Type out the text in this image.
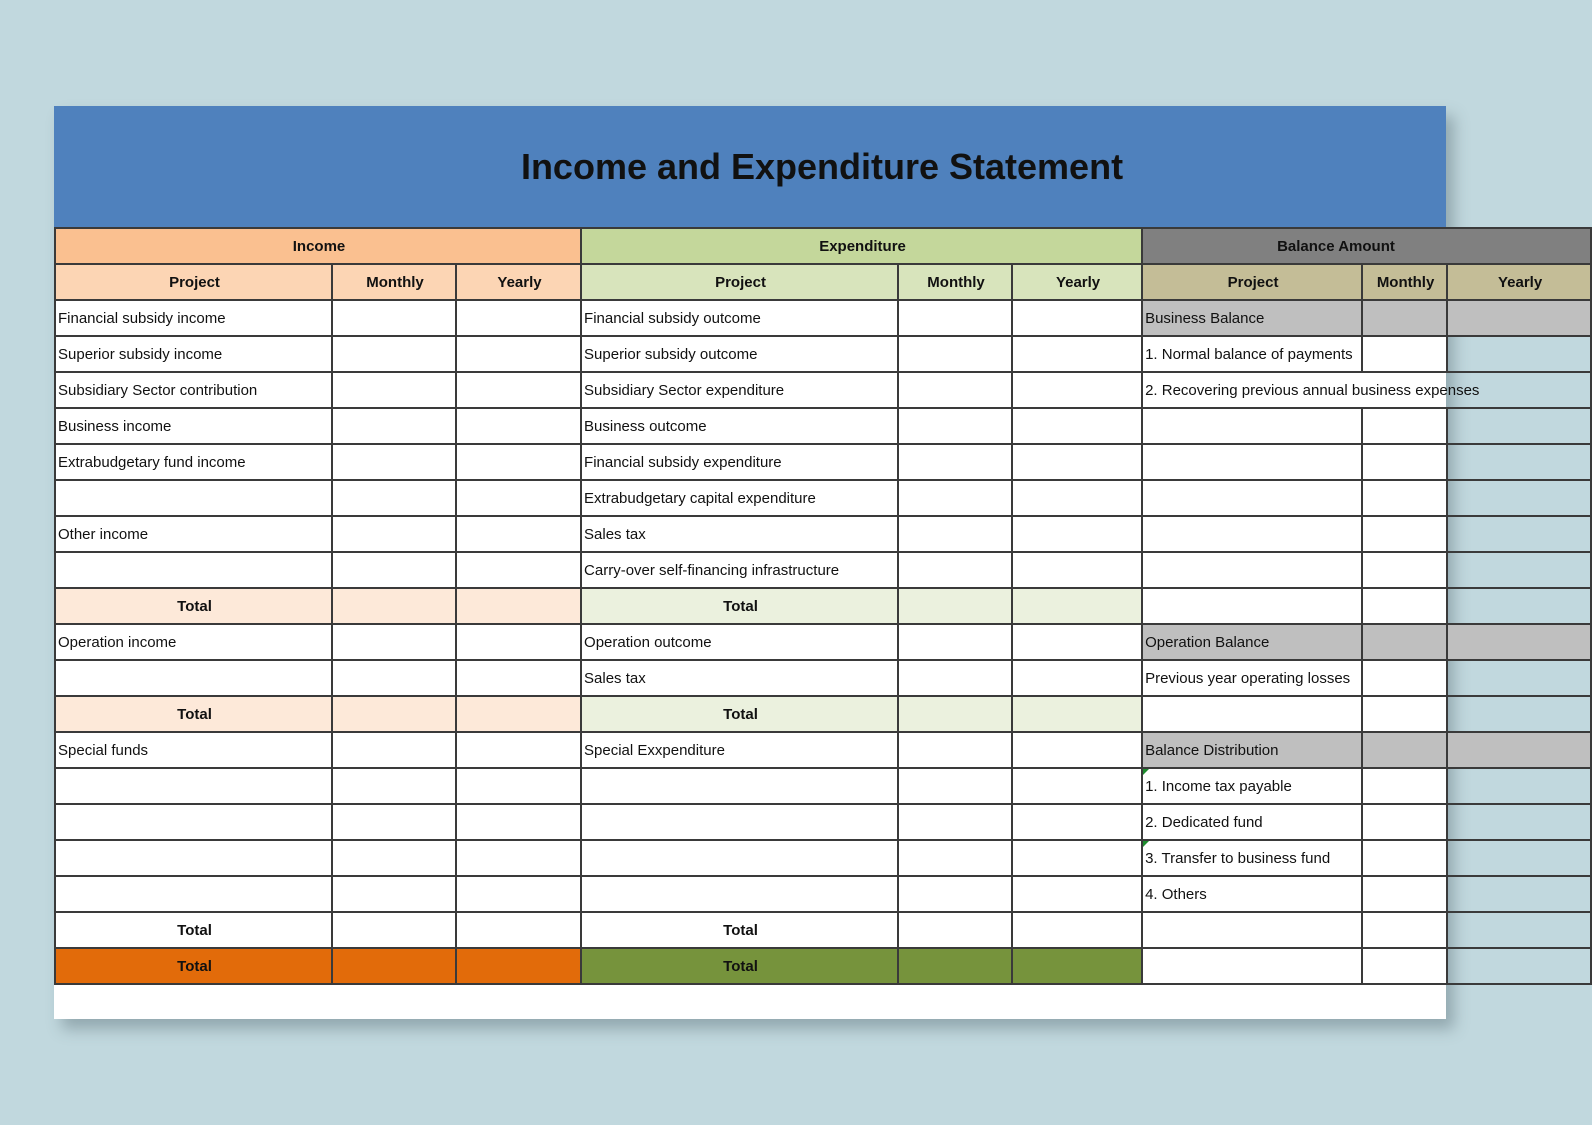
Income and Expenditure Statement
Income			Expenditure			Balance Amount		
Project	Monthly	Yearly	Project	Monthly	Yearly	Project	Monthly	Yearly
Financial subsidy income			Financial subsidy outcome			Business Balance		
Superior subsidy income			Superior subsidy outcome			1. Normal balance of payments		
Subsidiary Sector contribution			Subsidiary Sector expenditure			2. Recovering previous annual business expenses		
Business income			Business outcome					
Extrabudgetary fund income			Financial subsidy expenditure					
			Extrabudgetary capital expenditure					
Other income			Sales tax					
			Carry-over self-financing infrastructure					
Total			Total					
Operation income			Operation outcome			Operation Balance		
			Sales tax			Previous year operating losses		
Total			Total					
Special funds			Special Exxpenditure			Balance Distribution		
						1. Income tax payable		
						2. Dedicated fund		
						3. Transfer to business fund		
						4. Others		
Total			Total					
Total			Total					
